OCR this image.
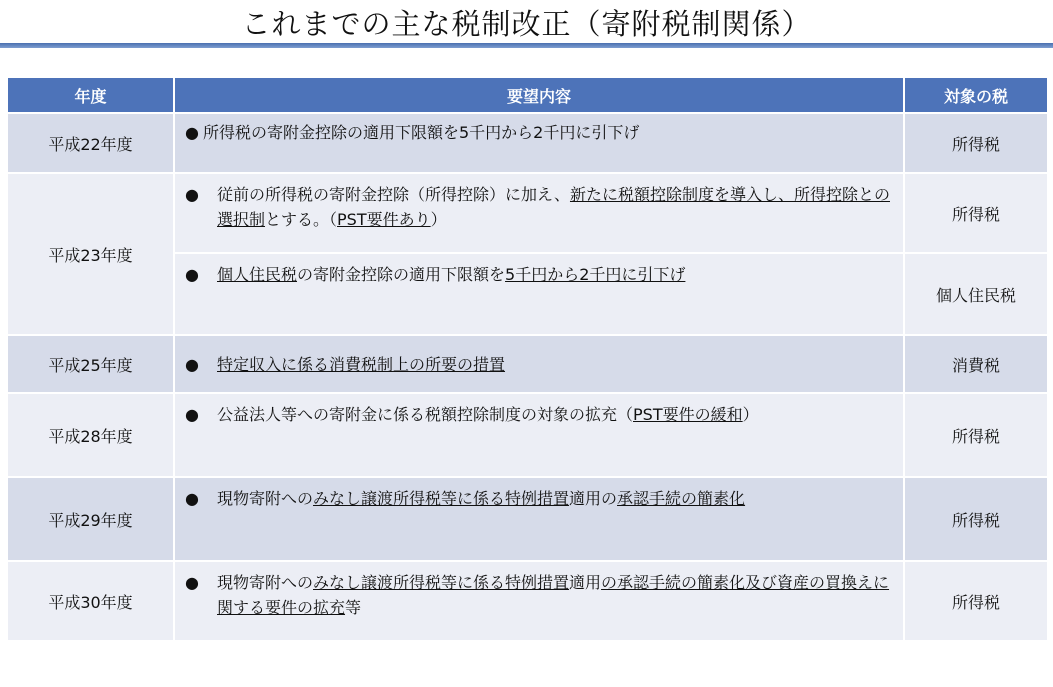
これまでの主な税制改正（寄附税制関係）
年度	要望内容	対象の税
平成22年度	● 所得税の寄附金控除の適用下限額を5千円から2千円に引下げ	所得税
平成23年度	● 従前の所得税の寄附金控除（所得控除）に加え、新たに税額控除制度を導入し、所得控除との選択制とする。（PST要件あり）	所得税

	● 個人住民税の寄附金控除の適用下限額を5千円から2千円に引下げ	個人住民税
平成25年度	● 特定収入に係る消費税制上の所要の措置	消費税
平成28年度	● 公益法人等への寄附金に係る税額控除制度の対象の拡充（PST要件の緩和）	所得税
平成29年度	● 現物寄附へのみなし譲渡所得税等に係る特例措置適用の承認手続の簡素化	所得税
平成30年度	● 現物寄附へのみなし譲渡所得税等に係る特例措置適用の承認手続の簡素化及び資産の買換えに関する要件の拡充等	所得税
